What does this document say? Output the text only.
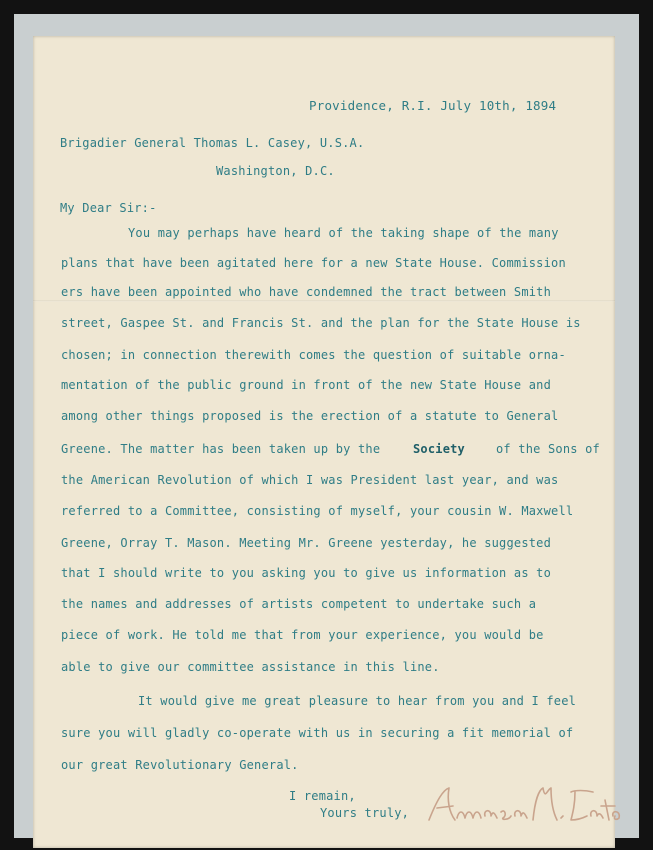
Providence, R.I. July 10th, 1894
Brigadier General Thomas L. Casey, U.S.A.
Washington, D.C.
My Dear Sir:-
You may perhaps have heard of the taking shape of the many
plans that have been agitated here for a new State House. Commission
ers have been appointed who have condemned the tract between Smith
street, Gaspee St. and Francis St. and the plan for the State House is
chosen; in connection therewith comes the question of suitable orna-
mentation of the public ground in front of the new State House and
among other things proposed is the erection of a statute to General
Greene. The matter has been taken up by the	Society	of the Sons of
the American Revolution of which I was President last year, and was
referred to a Committee, consisting of myself, your cousin W. Maxwell
Greene, Orray T. Mason. Meeting Mr. Greene yesterday, he suggested
that I should write to you asking you to give us information as to
the names and addresses of artists competent to undertake such a
piece of work. He told me that from your experience, you would be
able to give our committee assistance in this line.
It would give me great pleasure to hear from you and I feel
sure you will gladly co-operate with us in securing a fit memorial of
our great Revolutionary General.
I remain,
Yours truly,
